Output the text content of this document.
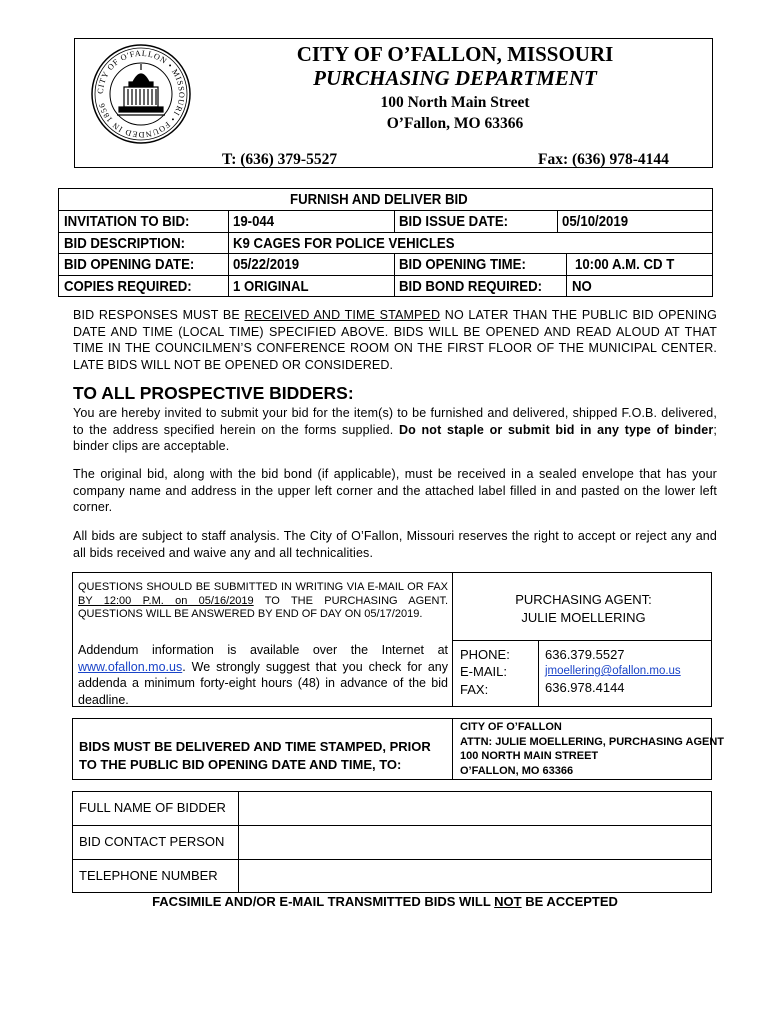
CITY OF O'FALLON • MISSOURI • FOUNDED IN 1856
CITY OF O’FALLON, MISSOURI
PURCHASING DEPARTMENT
100 North Main Street
O’Fallon, MO 63366
T: (636) 379-5527	Fax: (636) 978-4144
FURNISH AND DELIVER BID
INVITATION TO BID:	19-044	BID ISSUE DATE:	05/10/2019
BID DESCRIPTION:	K9 CAGES FOR POLICE VEHICLES
BID OPENING DATE:	05/22/2019	BID OPENING TIME:	10:00 A.M. CD T
COPIES REQUIRED:	1 ORIGINAL	BID BOND REQUIRED: NO
BID RESPONSES MUST BE RECEIVED AND TIME STAMPED NO LATER THAN THE PUBLIC BID OPENING DATE AND TIME (LOCAL TIME) SPECIFIED ABOVE. BIDS WILL BE OPENED AND READ ALOUD AT THAT TIME IN THE COUNCILMEN’S CONFERENCE ROOM ON THE FIRST FLOOR OF THE MUNICIPAL CENTER. LATE BIDS WILL NOT BE OPENED OR CONSIDERED.
TO ALL PROSPECTIVE BIDDERS:
You are hereby invited to submit your bid for the item(s) to be furnished and delivered, shipped F.O.B. delivered, to the address specified herein on the forms supplied. Do not staple or submit bid in any type of binder; binder clips are acceptable.
The original bid, along with the bid bond (if applicable), must be received in a sealed envelope that has your company name and address in the upper left corner and the attached label filled in and pasted on the lower left corner.
All bids are subject to staff analysis. The City of O’Fallon, Missouri reserves the right to accept or reject any and all bids received and waive any and all technicalities.
QUESTIONS SHOULD BE SUBMITTED IN WRITING VIA E-MAIL OR FAX BY 12:00 P.M. on 05/16/2019 TO THE PURCHASING AGENT. QUESTIONS WILL BE ANSWERED BY END OF DAY ON 05/17/2019.
Addendum information is available over the Internet at www.ofallon.mo.us. We strongly suggest that you check for any addenda a minimum forty-eight hours (48) in advance of the bid deadline.
PURCHASING AGENT:
JULIE MOELLERING
PHONE:	636.379.5527
E-MAIL:	jmoellering@ofallon.mo.us
FAX:	636.978.4144
BIDS MUST BE DELIVERED AND TIME STAMPED, PRIOR TO THE PUBLIC BID OPENING DATE AND TIME, TO:
CITY OF O’FALLON
ATTN: JULIE MOELLERING, PURCHASING AGENT
100 NORTH MAIN STREET
O’FALLON, MO 63366
FULL NAME OF BIDDER
BID CONTACT PERSON
TELEPHONE NUMBER
FACSIMILE AND/OR E-MAIL TRANSMITTED BIDS WILL NOT BE ACCEPTED
